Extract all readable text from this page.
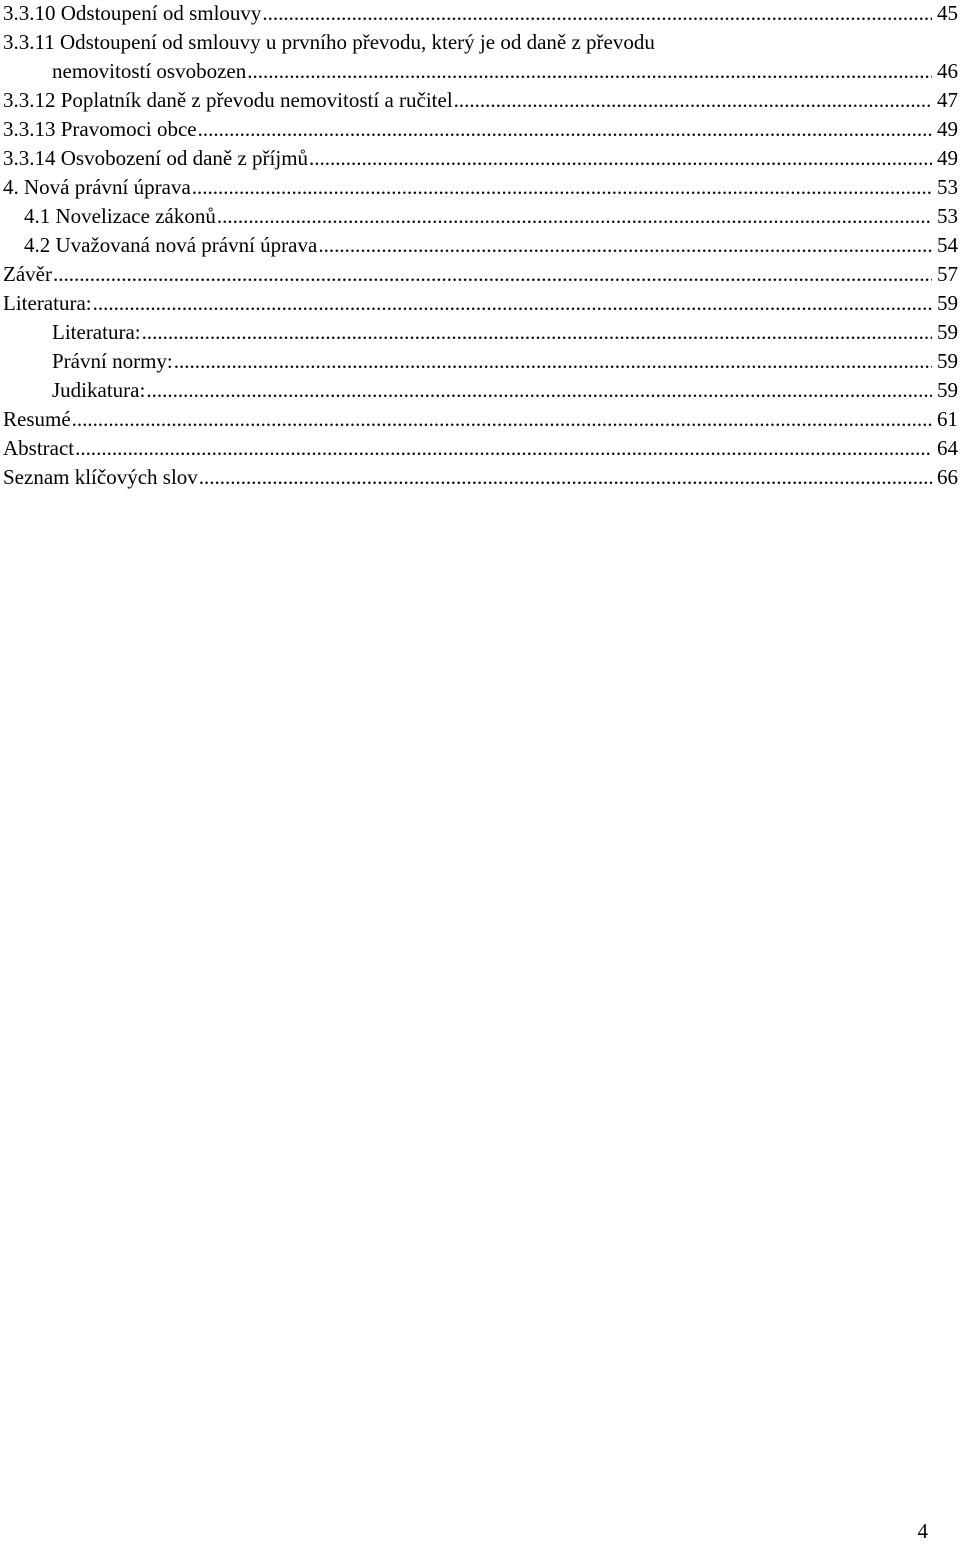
3.3.10 Odstoupení od smlouvy .....	45
3.3.11 Odstoupení od smlouvy u prvního převodu, který je od daně z převodu
nemovitostí osvobozen .....	46
3.3.12 Poplatník daně z převodu nemovitostí a ručitel .....	47
3.3.13 Pravomoci obce .....	49
3.3.14 Osvobození od daně z příjmů .....	49
4. Nová právní úprava .....	53
4.1 Novelizace zákonů .....	53
4.2 Uvažovaná nová právní úprava .....	54
Závěr .....	57
Literatura: .....	59
Literatura: .....	59
Právní normy: .....	59
Judikatura: .....	59
Resumé .....	61
Abstract .....	64
Seznam klíčových slov .....	66
4
